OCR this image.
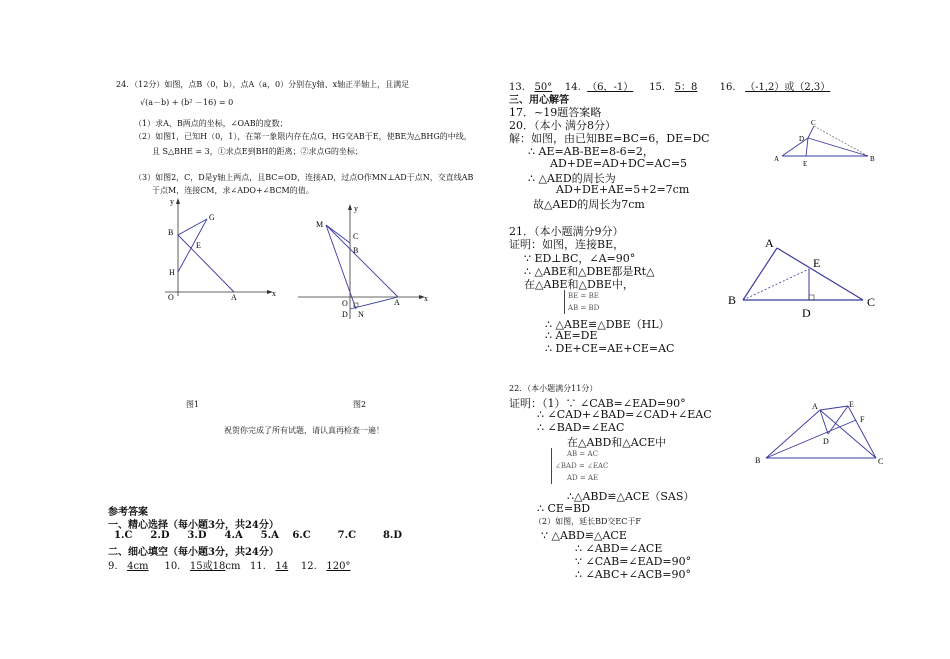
24．（12分）如图，点B（0，b），点A（a，0）分别在y轴、x轴正半轴上，且满足
√(a－b) + (b² －16) = 0
（1）求A、B两点的坐标，∠OAB的度数；
（2）如图1，已知H（0，1），在第一象限内存在点G，HG交AB于E，使BE为△BHG的中线，
且 S△BHE = 3，①求点E到BH的距离；②求点G的坐标；
（3）如图2，C，D是y轴上两点，且BC=OD，连接AD，过点O作MN⊥AD于点N，交直线AB
于点M，连接CM，求∠ADO+∠BCM的值。
y
x
G
B
E
H
O	A
y
x
M
C
B
O
D N
A
图1	图2
祝贺你完成了所有试题，请认真再检查一遍！
参考答案
一、精心选择（每小题3分，共24分）
1.C 2.D 3.D 4.A 5.A 6.C	7.C	8.D
二、细心填空（每小题3分，共24分）
9. 4cm 10. 15或18cm 11. 14 12. 120°
13. 50° 14. （6，-1） 15. 5：8 16. （-1,2）或（2,3）
三、用心解答
17．~19题答案略
20．（本小 满分8分）
解：如图，由已知BE=BC=6，DE=DC
∴ AE=AB-BE=8-6=2，
AD+DE=AD+DC=AC=5
∴ △AED的周长为
AD+DE+AE=5+2=7cm
故△AED的周长为7cm
C
D
A
E
B
21．（本小题满分9分）
证明：如图，连接BE，
∵ ED⊥BC，∠A=90°
∴ △ABE和△DBE都是Rt△
在△ABE和△DBE中，
BE = BE
AB = BD
∴ △ABE≌△DBE（HL）
∴ AE=DE
∴ DE+CE=AE+CE=AC
A
E
B	C
D
22．（本小题满分11分）
证明：（1）∵ ∠CAB=∠EAD=90°
∴ ∠CAD+∠BAD=∠CAD+∠EAC
∴ ∠BAD=∠EAC
在△ABD和△ACE中
AB = AC
∠BAD = ∠EAC
AD = AE
∴△ABD≌△ACE（SAS）
∴ CE=BD
（2）如图，延长BD交EC于F
∵ △ABD≌△ACE
∴ ∠ABD=∠ACE
∵ ∠CAB=∠EAD=90°
∴ ∠ABC+∠ACB=90°
A	E
F
D
B	C
